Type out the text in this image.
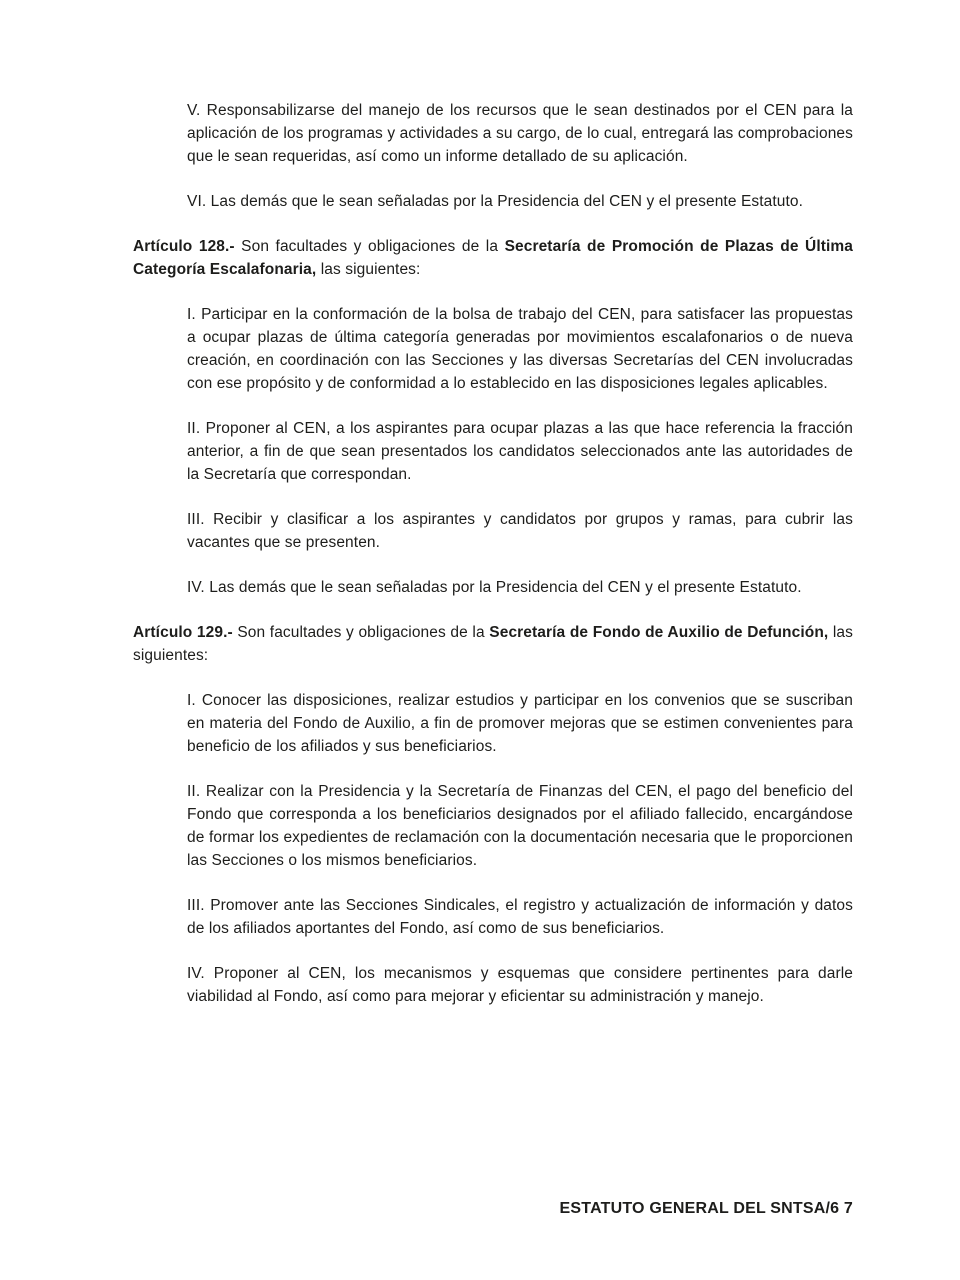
V. Responsabilizarse del manejo de los recursos que le sean destinados por el CEN para la aplicación de los programas y actividades a su cargo, de lo cual, entregará las comprobaciones que le sean requeridas, así como un informe detallado de su aplicación.

VI. Las demás que le sean señaladas por la Presidencia del CEN y el presente Estatuto.

Artículo 128.- Son facultades y obligaciones de la Secretaría de Promoción de Plazas de Última Categoría Escalafonaria, las siguientes:

I. Participar en la conformación de la bolsa de trabajo del CEN, para satisfacer las propuestas a ocupar plazas de última categoría generadas por movimientos escalafonarios o de nueva creación, en coordinación con las Secciones y las diversas Secretarías del CEN involucradas con ese propósito y de conformidad a lo establecido en las disposiciones legales aplicables.

II. Proponer al CEN, a los aspirantes para ocupar plazas a las que hace referencia la fracción anterior, a fin de que sean presentados los candidatos seleccionados ante las autoridades de la Secretaría que correspondan.

III. Recibir y clasificar a los aspirantes y candidatos por grupos y ramas, para cubrir las vacantes que se presenten.

IV. Las demás que le sean señaladas por la Presidencia del CEN y el presente Estatuto.

Artículo 129.- Son facultades y obligaciones de la Secretaría de Fondo de Auxilio de Defunción, las siguientes:

I. Conocer las disposiciones, realizar estudios y participar en los convenios que se suscriban en materia del Fondo de Auxilio, a fin de promover mejoras que se estimen convenientes para beneficio de los afiliados y sus beneficiarios.

II. Realizar con la Presidencia y la Secretaría de Finanzas del CEN, el pago del beneficio del Fondo que corresponda a los beneficiarios designados por el afiliado fallecido, encargándose de formar los expedientes de reclamación con la documentación necesaria que le proporcionen las Secciones o los mismos beneficiarios.

III. Promover ante las Secciones Sindicales, el registro y actualización de información y datos de los afiliados aportantes del Fondo, así como de sus beneficiarios.

IV. Proponer al CEN, los mecanismos y esquemas que considere pertinentes para darle viabilidad al Fondo, así como para mejorar y eficientar su administración y manejo.

ESTATUTO GENERAL DEL SNTSA/6 7
